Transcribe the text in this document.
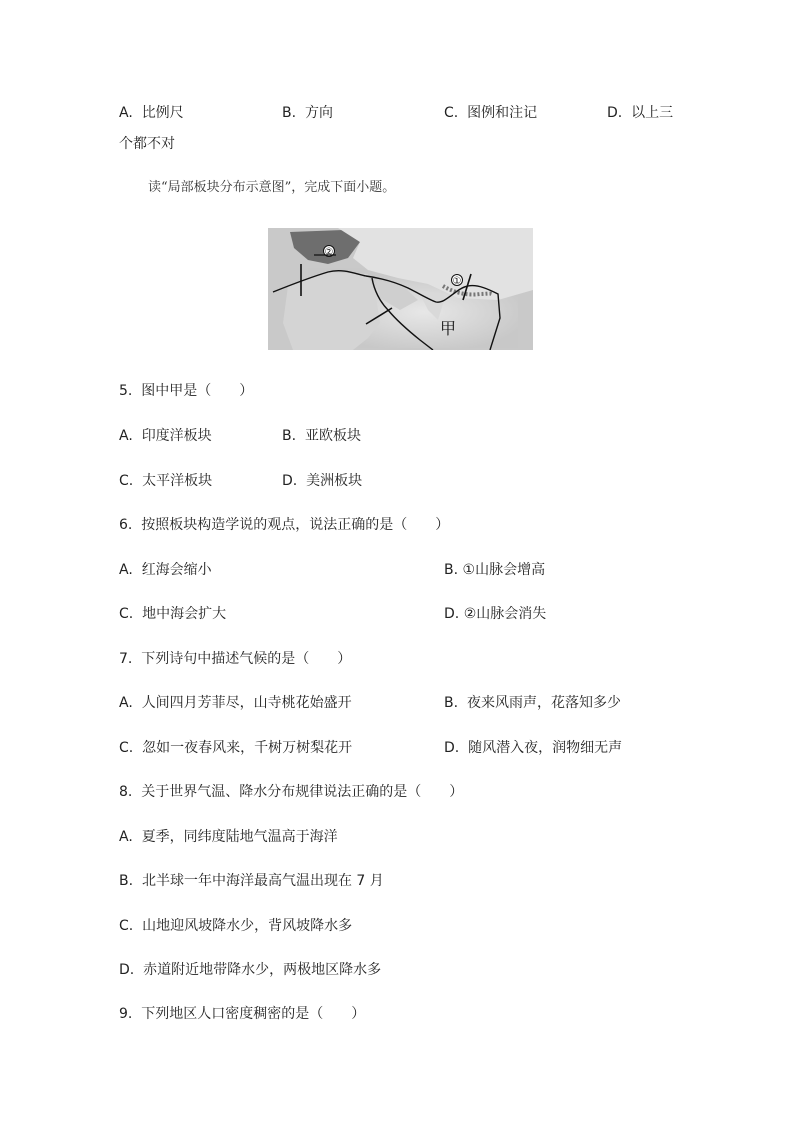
A. 比例尺	B. 方向	C. 图例和注记	D. 以上三
个都不对
读“局部板块分布示意图”，完成下面小题。
②
①
甲
5. 图中甲是（　　）
A. 印度洋板块	B. 亚欧板块
C. 太平洋板块	D. 美洲板块
6. 按照板块构造学说的观点，说法正确的是（　　）
A. 红海会缩小	B. ①山脉会增高
C. 地中海会扩大	D. ②山脉会消失
7. 下列诗句中描述气候的是（　　）
A. 人间四月芳菲尽，山寺桃花始盛开	B. 夜来风雨声，花落知多少
C. 忽如一夜春风来，千树万树梨花开	D. 随风潜入夜，润物细无声
8. 关于世界气温、降水分布规律说法正确的是（　　）
A. 夏季，同纬度陆地气温高于海洋
B. 北半球一年中海洋最高气温出现在 7 月
C. 山地迎风坡降水少，背风坡降水多
D. 赤道附近地带降水少，两极地区降水多
9. 下列地区人口密度稠密的是（　　）
